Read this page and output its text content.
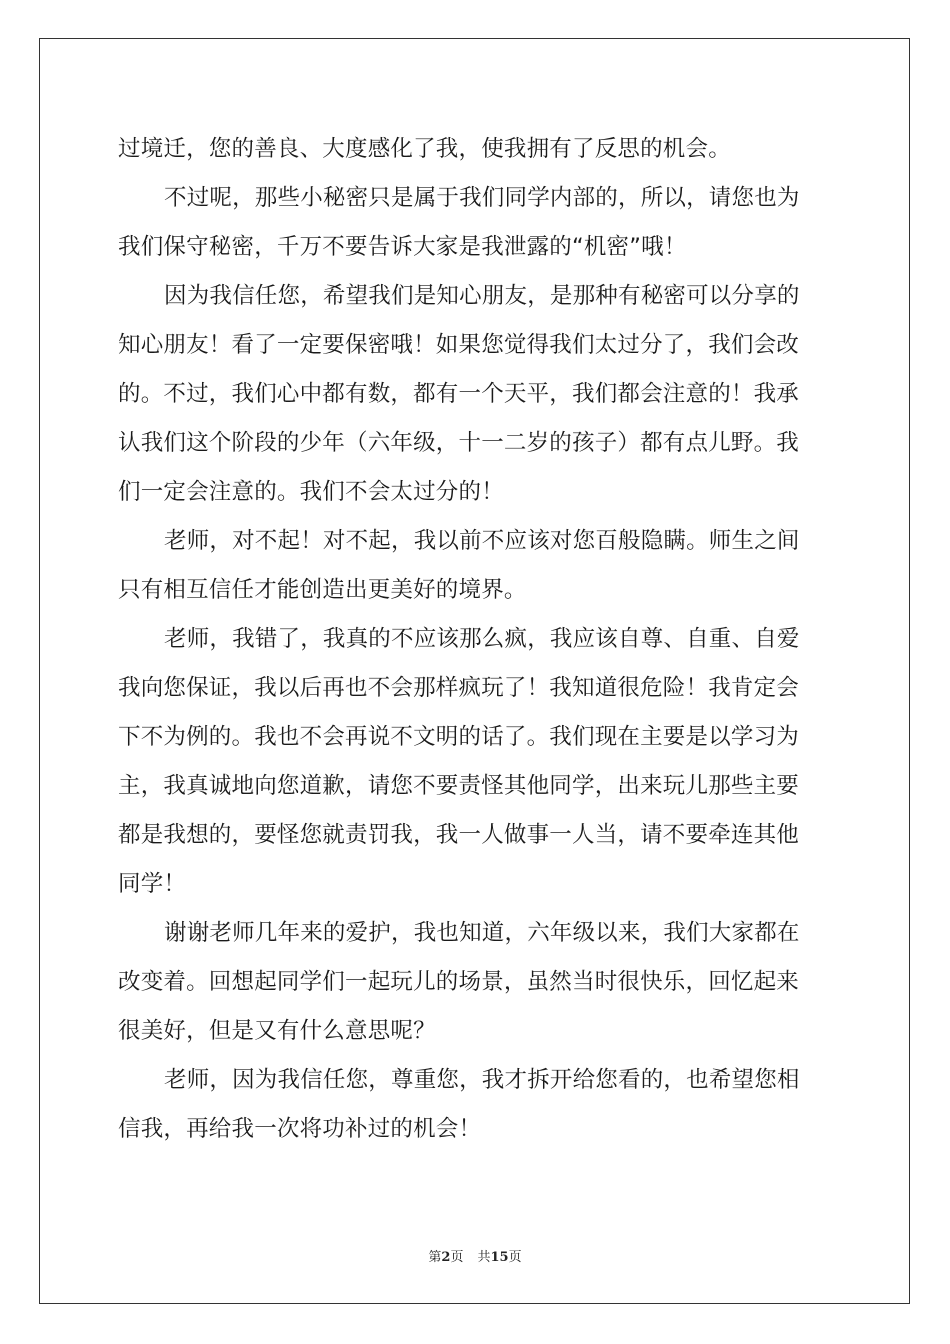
过境迁，您的善良、大度感化了我，使我拥有了反思的机会。
不过呢，那些小秘密只是属于我们同学内部的，所以，请您也为
我们保守秘密，千万不要告诉大家是我泄露的“机密”哦！
因为我信任您，希望我们是知心朋友，是那种有秘密可以分享的
知心朋友！看了一定要保密哦！如果您觉得我们太过分了，我们会改
的。不过，我们心中都有数，都有一个天平，我们都会注意的！我承
认我们这个阶段的少年（六年级，十一二岁的孩子）都有点儿野。我
们一定会注意的。我们不会太过分的！
老师，对不起！对不起，我以前不应该对您百般隐瞒。师生之间
只有相互信任才能创造出更美好的境界。
老师，我错了，我真的不应该那么疯，我应该自尊、自重、自爱
我向您保证，我以后再也不会那样疯玩了！我知道很危险！我肯定会
下不为例的。我也不会再说不文明的话了。我们现在主要是以学习为
主，我真诚地向您道歉，请您不要责怪其他同学，出来玩儿那些主要
都是我想的，要怪您就责罚我，我一人做事一人当，请不要牵连其他
同学！
谢谢老师几年来的爱护，我也知道，六年级以来，我们大家都在
改变着。回想起同学们一起玩儿的场景，虽然当时很快乐，回忆起来
很美好，但是又有什么意思呢？
老师，因为我信任您，尊重您，我才拆开给您看的，也希望您相
信我，再给我一次将功补过的机会！
第2页 共15页
